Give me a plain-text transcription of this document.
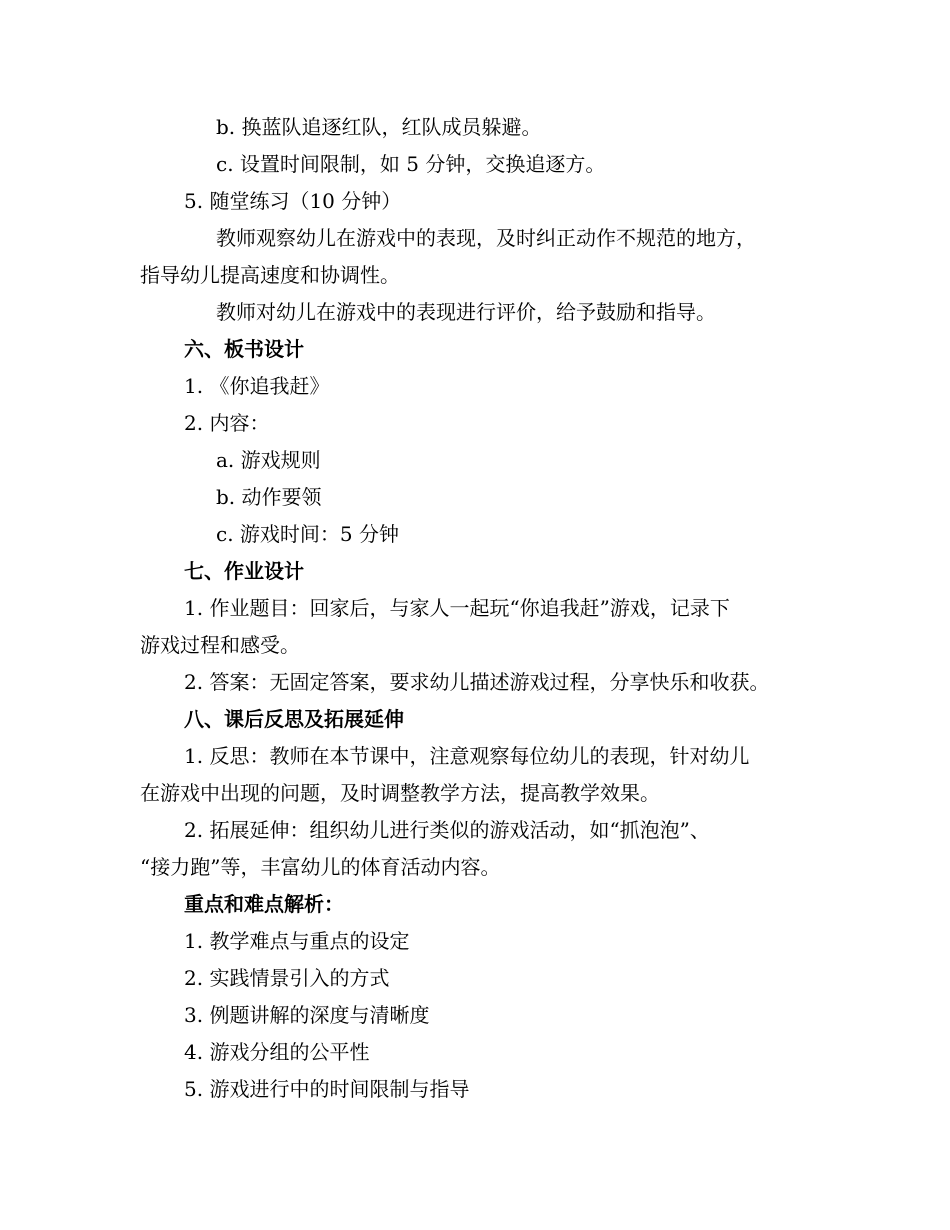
b. 换蓝队追逐红队，红队成员躲避。
c. 设置时间限制，如 5 分钟，交换追逐方。
5. 随堂练习（10 分钟）
教师观察幼儿在游戏中的表现，及时纠正动作不规范的地方，
指导幼儿提高速度和协调性。
教师对幼儿在游戏中的表现进行评价，给予鼓励和指导。
六、板书设计
1. 《你追我赶》
2. 内容：
a. 游戏规则
b. 动作要领
c. 游戏时间：5 分钟
七、作业设计
1. 作业题目：回家后，与家人一起玩“你追我赶”游戏，记录下
游戏过程和感受。
2. 答案：无固定答案，要求幼儿描述游戏过程，分享快乐和收获。
八、课后反思及拓展延伸
1. 反思：教师在本节课中，注意观察每位幼儿的表现，针对幼儿
在游戏中出现的问题，及时调整教学方法，提高教学效果。
2. 拓展延伸：组织幼儿进行类似的游戏活动，如“抓泡泡”、
“接力跑”等，丰富幼儿的体育活动内容。
重点和难点解析：
1. 教学难点与重点的设定
2. 实践情景引入的方式
3. 例题讲解的深度与清晰度
4. 游戏分组的公平性
5. 游戏进行中的时间限制与指导
